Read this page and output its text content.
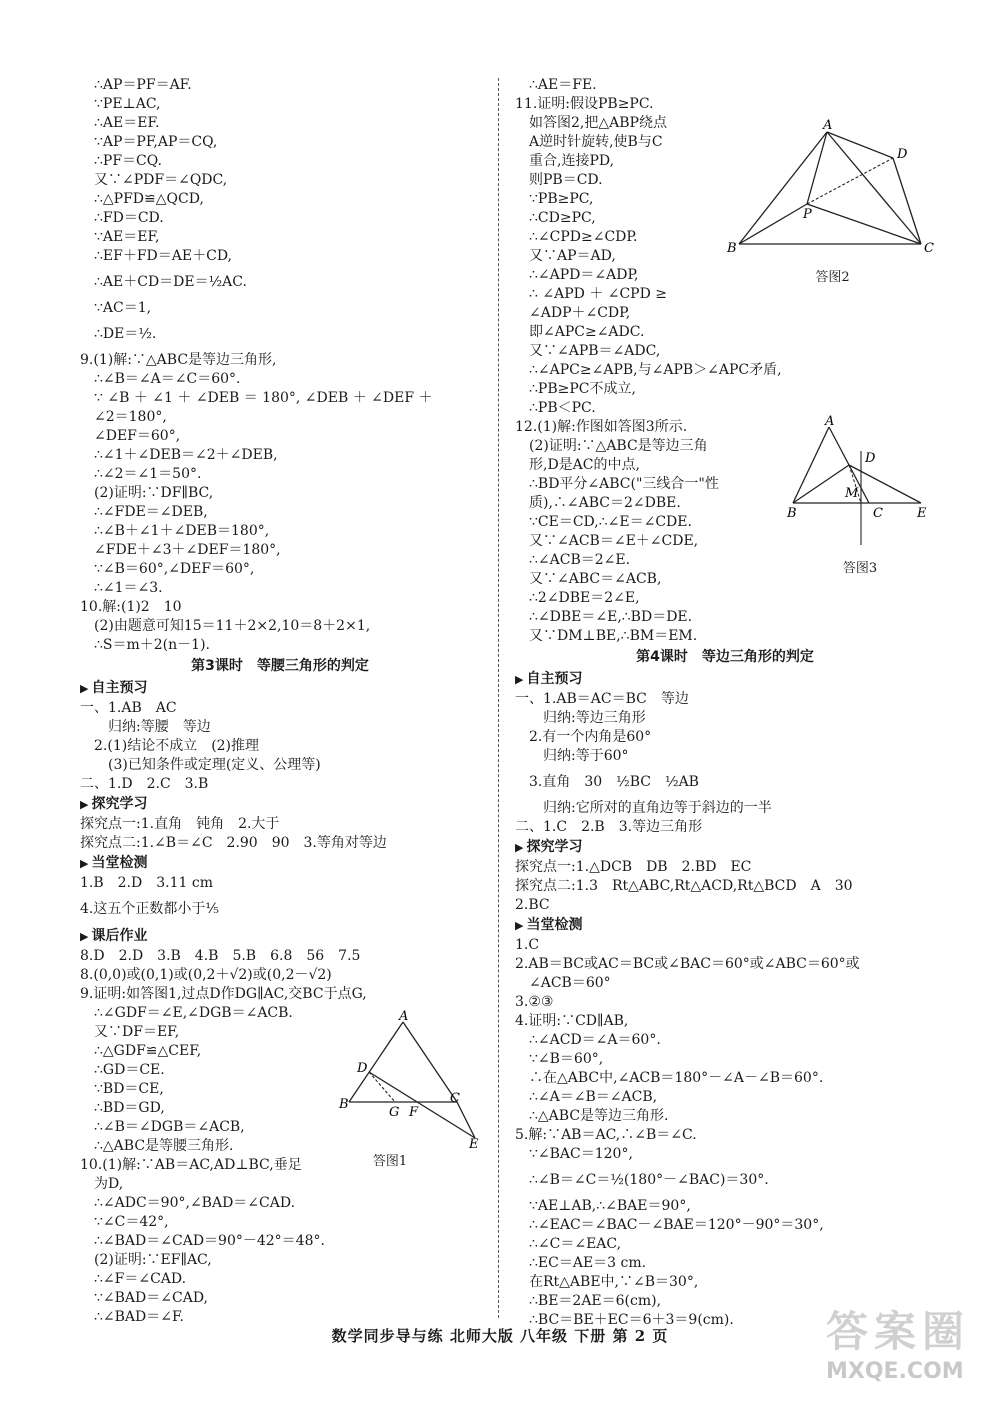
∴AP＝PF＝AF.
∵PE⊥AC,
∴AE＝EF.
∵AP＝PF,AP＝CQ,
∴PF＝CQ.
又∵∠PDF＝∠QDC,
∴△PFD≌△QCD,
∴FD＝CD.
∵AE＝EF,
∴EF＋FD＝AE＋CD,
∴AE＋CD＝DE＝½AC.
∵AC＝1,
∴DE＝½.
9.(1)解:∵△ABC是等边三角形,
∴∠B＝∠A＝∠C＝60°.
∵ ∠B ＋ ∠1 ＋ ∠DEB ＝ 180°, ∠DEB ＋ ∠DEF ＋
∠2＝180°,
∠DEF＝60°,
∴∠1＋∠DEB＝∠2＋∠DEB,
∴∠2＝∠1＝50°.
(2)证明:∵DF∥BC,
∴∠FDE＝∠DEB,
∴∠B＋∠1＋∠DEB＝180°,
∠FDE＋∠3＋∠DEF＝180°,
∵∠B＝60°,∠DEF＝60°,
∴∠1＝∠3.
10.解:(1)2　10
(2)由题意可知15＝11＋2×2,10＝8＋2×1,
∴S＝m＋2(n－1).
第3课时　等腰三角形的判定
▶ 自主预习
一、1.AB　AC
归纳:等腰　等边
2.(1)结论不成立　(2)推理
(3)已知条件或定理(定义、公理等)
二、1.D　2.C　3.B
▶ 探究学习
探究点一:1.直角　钝角　2.大于
探究点二:1.∠B＝∠C　2.90　90　3.等角对等边
▶ 当堂检测
1.B　2.D　3.11 cm
4.这五个正数都小于⅕
▶ 课后作业
8.D　2.D　3.B　4.B　5.B　6.8　56　7.5
8.(0,0)或(0,1)或(0,2＋√2)或(0,2－√2)
9.证明:如答图1,过点D作DG∥AC,交BC于点G,
∴∠GDF＝∠E,∠DGB＝∠ACB.
又∵DF＝EF,
∴△GDF≌△CEF,
∴GD＝CE.
∵BD＝CE,
∴BD＝GD,
∴∠B＝∠DGB＝∠ACB,
∴△ABC是等腰三角形.
10.(1)解:∵AB＝AC,AD⊥BC,垂足
为D,
∴∠ADC＝90°,∠BAD＝∠CAD.
∵∠C＝42°,
∴∠BAD＝∠CAD＝90°－42°＝48°.
(2)证明:∵EF∥AC,
∴∠F＝∠CAD.
∵∠BAD＝∠CAD,
∴∠BAD＝∠F.
∴AE＝FE.
11.证明:假设PB≥PC.
如答图2,把△ABP绕点
A逆时针旋转,使B与C
重合,连接PD,
则PB＝CD.
∵PB≥PC,
∴CD≥PC,
∴∠CPD≥∠CDP.
又∵AP＝AD,
∴∠APD＝∠ADP,
∴ ∠APD ＋ ∠CPD ≥
∠ADP＋∠CDP,
即∠APC≥∠ADC.
又∵∠APB＝∠ADC,
∴∠APC≥∠APB,与∠APB＞∠APC矛盾,
∴PB≥PC不成立,
∴PB＜PC.
12.(1)解:作图如答图3所示.
(2)证明:∵△ABC是等边三角
形,D是AC的中点,
∴BD平分∠ABC("三线合一"性
质),∴∠ABC＝2∠DBE.
∵CE＝CD,∴∠E＝∠CDE.
又∵∠ACB＝∠E＋∠CDE,
∴∠ACB＝2∠E.
又∵∠ABC＝∠ACB,
∴2∠DBE＝2∠E,
∴∠DBE＝∠E,∴BD＝DE.
又∵DM⊥BE,∴BM＝EM.
第4课时　等边三角形的判定
▶ 自主预习
一、1.AB＝AC＝BC　等边
归纳:等边三角形
2.有一个内角是60°
归纳:等于60°
3.直角　30　½BC　½AB
归纳:它所对的直角边等于斜边的一半
二、1.C　2.B　3.等边三角形
▶ 探究学习
探究点一:1.△DCB　DB　2.BD　EC
探究点二:1.3　Rt△ABC,Rt△ACD,Rt△BCD　A　30
2.BC
▶ 当堂检测
1.C
2.AB＝BC或AC＝BC或∠BAC＝60°或∠ABC＝60°或
∠ACB＝60°
3.②③
4.证明:∵CD∥AB,
∴∠ACD＝∠A＝60°.
∵∠B＝60°,
∴在△ABC中,∠ACB＝180°－∠A－∠B＝60°.
∴∠A＝∠B＝∠ACB,
∴△ABC是等边三角形.
5.解:∵AB＝AC,∴∠B＝∠C.
∵∠BAC＝120°,
∴∠B＝∠C＝½(180°－∠BAC)＝30°.
∵AE⊥AB,∴∠BAE＝90°,
∴∠EAC＝∠BAC－∠BAE＝120°－90°＝30°,
∴∠C＝∠EAC,
∴EC＝AE＝3 cm.
在Rt△ABE中,∵∠B＝30°,
∴BE＝2AE＝6(cm),
∴BC＝BE＋EC＝6＋3＝9(cm).
A
D
B
G F
C
E
答图1
A
D
P
B	C
答图2
A
D
M
B	C	E
答图3
数学同步导与练 北师大版 八年级 下册 第 2 页	答案圈
MXQE.COM
